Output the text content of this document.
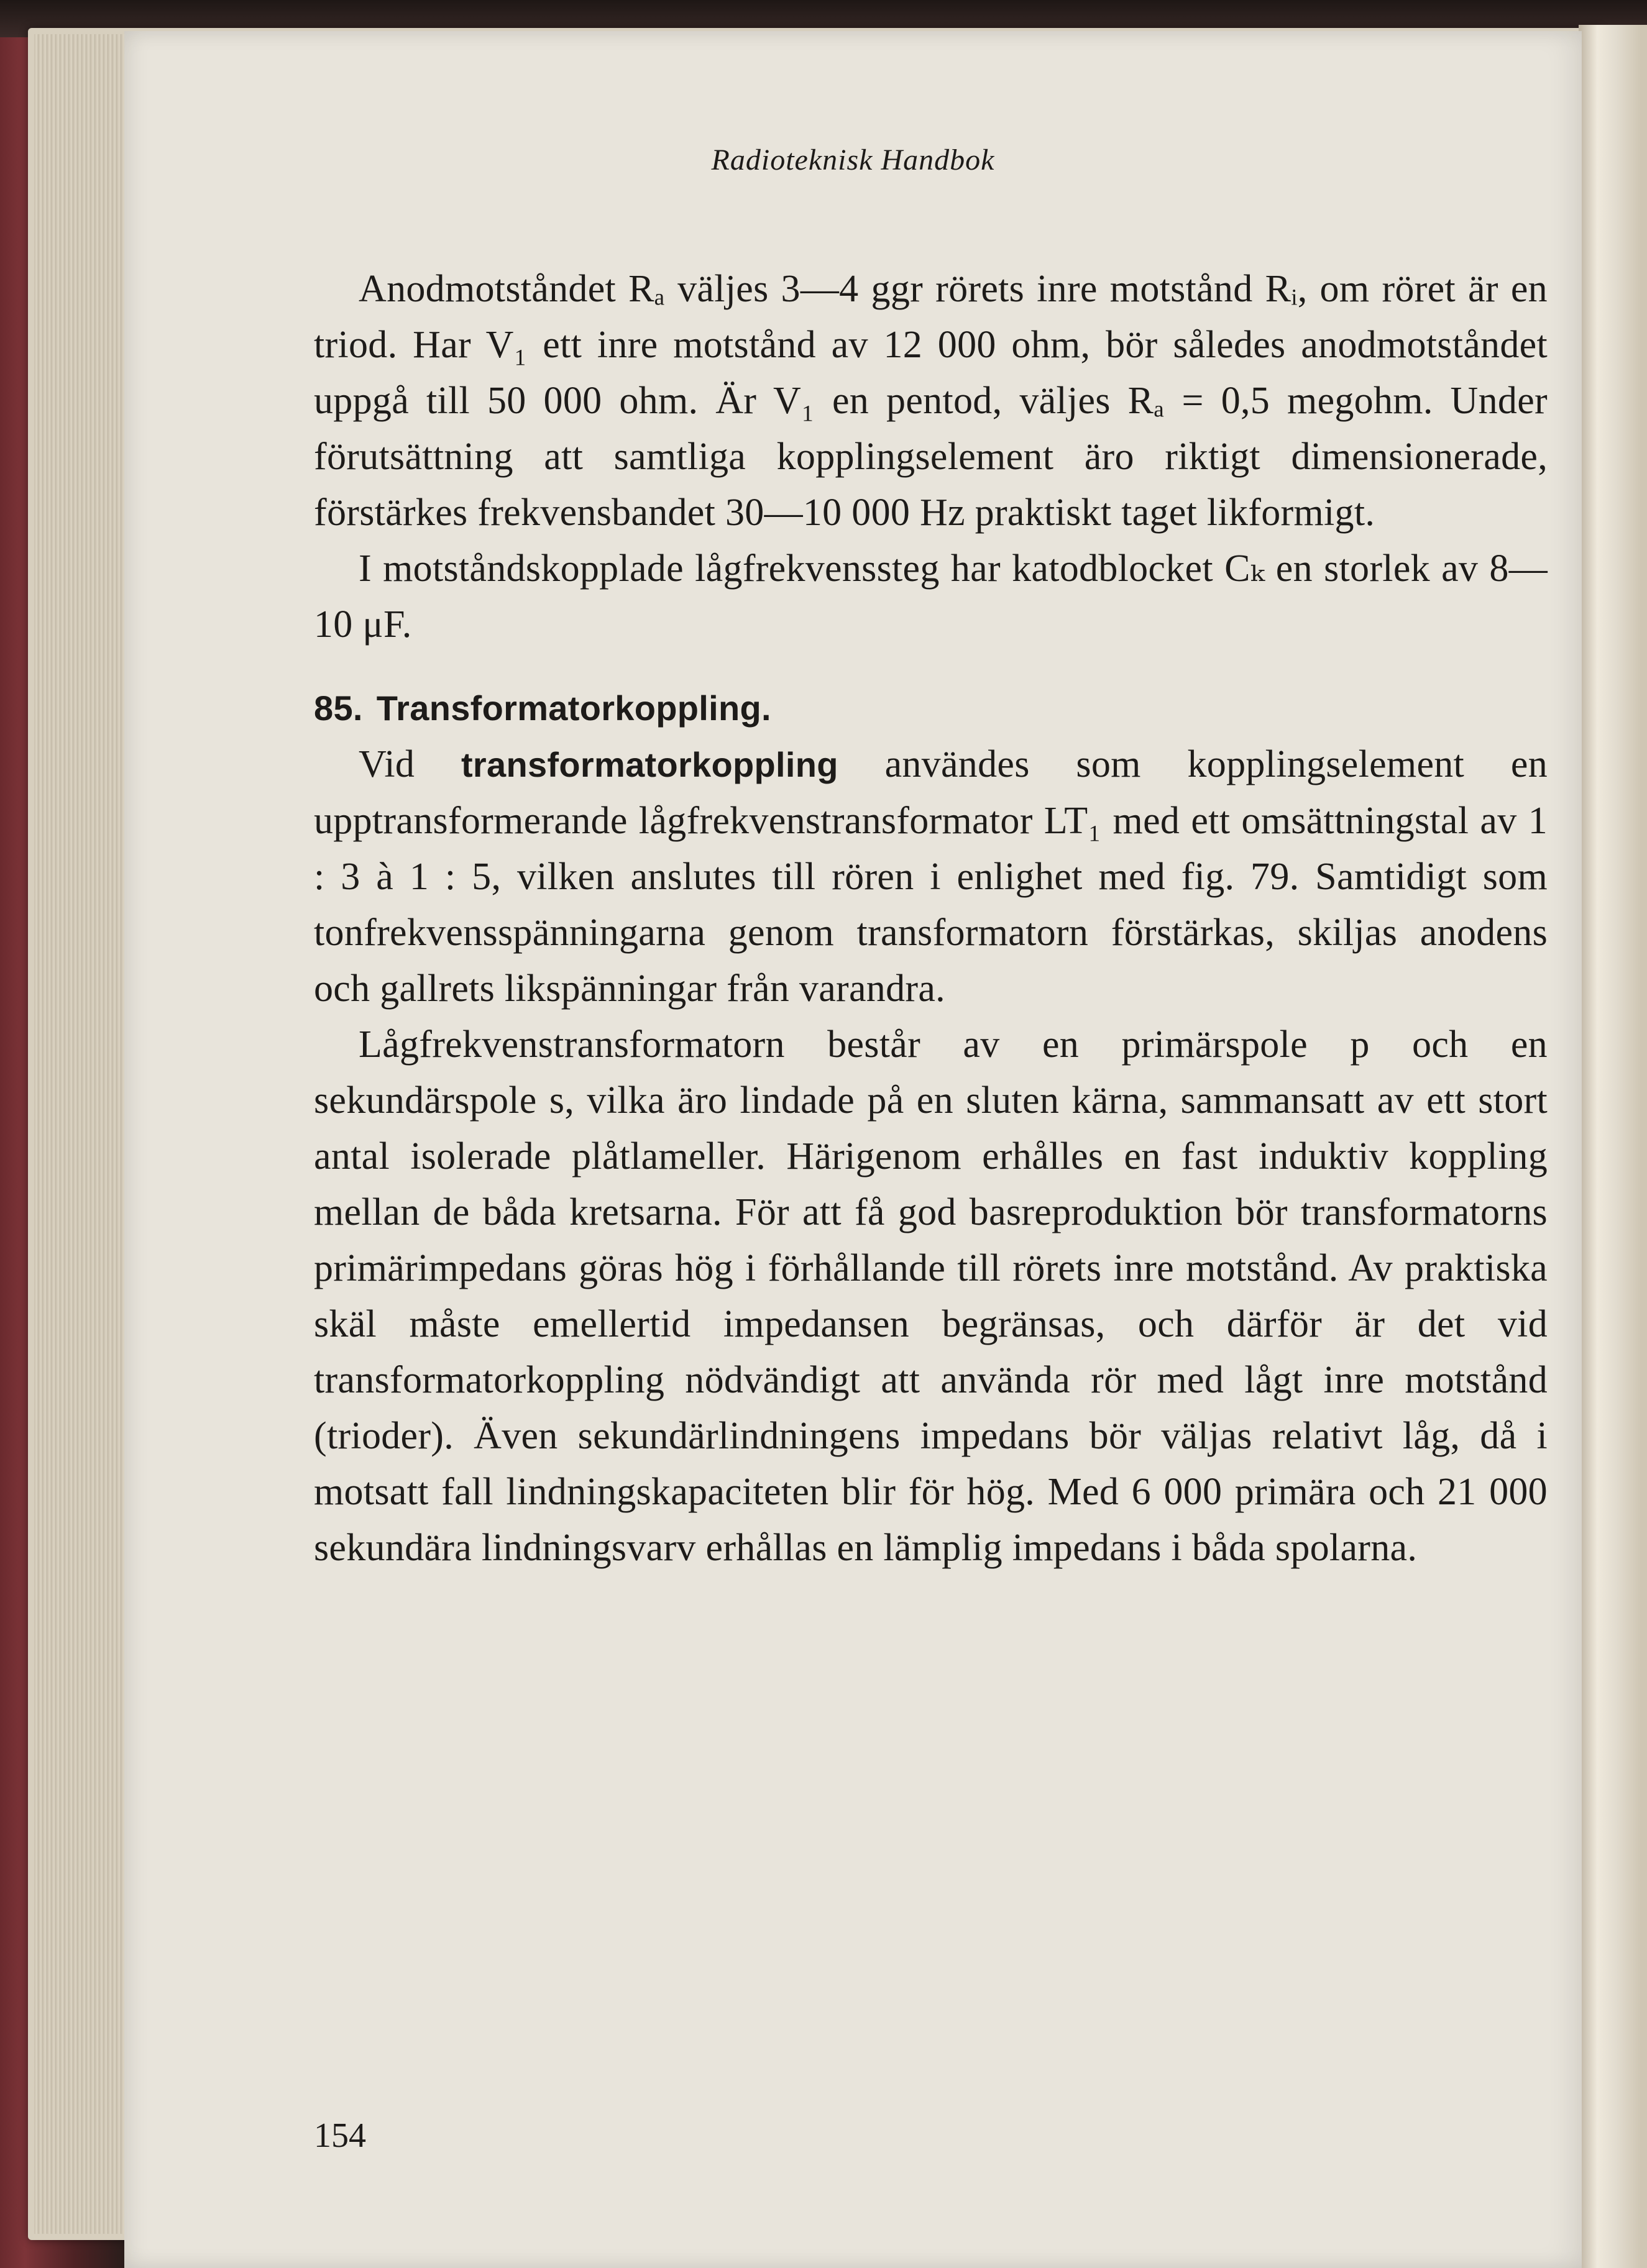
Radioteknisk Handbok

Anodmotståndet Rₐ väljes 3—4 ggr rörets inre motstånd Rᵢ, om röret är en triod. Har V₁ ett inre motstånd av 12 000 ohm, bör således anodmotståndet uppgå till 50 000 ohm. Är V₁ en pentod, väljes Rₐ = 0,5 megohm. Under förutsättning att samtliga kopplingselement äro riktigt dimensionerade, förstärkes frekvensbandet 30—10 000 Hz praktiskt taget likformigt.

I motståndskopplade lågfrekvenssteg har katodblocket Cₖ en storlek av 8—10 μF.

85. Transformatorkoppling.

Vid transformatorkoppling användes som kopplingselement en upptransformerande lågfrekvenstransformator LT₁ med ett omsättningstal av 1 : 3 à 1 : 5, vilken anslutes till rören i enlighet med fig. 79. Samtidigt som tonfrekvensspänningarna genom transformatorn förstärkas, skiljas anodens och gallrets likspänningar från varandra.

Lågfrekvenstransformatorn består av en primärspole p och en sekundärspole s, vilka äro lindade på en sluten kärna, sammansatt av ett stort antal isolerade plåtlameller. Härigenom erhålles en fast induktiv koppling mellan de båda kretsarna. För att få god basreproduktion bör transformatorns primärimpedans göras hög i förhållande till rörets inre motstånd. Av praktiska skäl måste emellertid impedansen begränsas, och därför är det vid transformatorkoppling nödvändigt att använda rör med lågt inre motstånd (trioder). Även sekundärlindningens impedans bör väljas relativt låg, då i motsatt fall lindningskapaciteten blir för hög. Med 6 000 primära och 21 000 sekundära lindningsvarv erhållas en lämplig impedans i båda spolarna.

154
